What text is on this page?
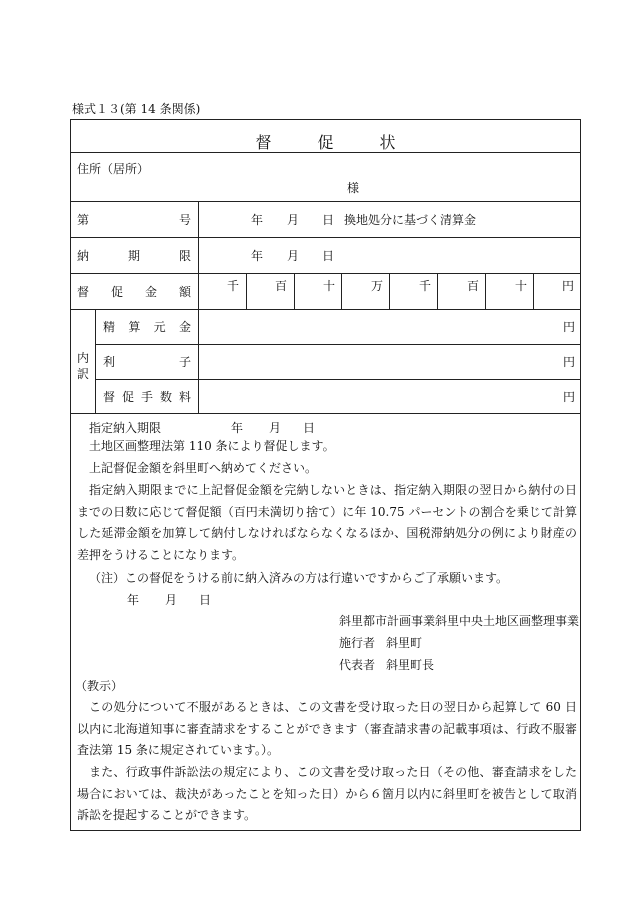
様式１３(第 14 条関係)
督促状
住所（居所）
様
第	号	年 月 日 換地処分に基づく清算金
納	期	限	年 月 日
督 促 金 額	千	百	十	万	千	百	十	円
内訳
精 算 元 金	円
利	子	円
督 促 手 数 料	円
指定納入期限	年 月 日
土地区画整理法第 110 条により督促します。
上記督促金額を斜里町へ納めてください。
指定納入期限までに上記督促金額を完納しないときは、指定納入期限の翌日から納付の日までの日数に応じて督促額（百円未満切り捨て）に年 10.75 パーセントの割合を乗じて計算した延滞金額を加算して納付しなければならなくなるほか、国税滞納処分の例により財産の差押をうけることになります。
（注）この督促をうける前に納入済みの方は行違いですからご了承願います。
年 月 日
斜里都市計画事業斜里中央土地区画整理事業
施行者 斜里町
代表者 斜里町長
（教示）
この処分について不服があるときは、この文書を受け取った日の翌日から起算して 60 日以内に北海道知事に審査請求をすることができます（審査請求書の記載事項は、行政不服審査法第 15 条に規定されています。）。
また、行政事件訴訟法の規定により、この文書を受け取った日（その他、審査請求をした場合においては、裁決があったことを知った日）から６箇月以内に斜里町を被告として取消訴訟を提起することができます。
